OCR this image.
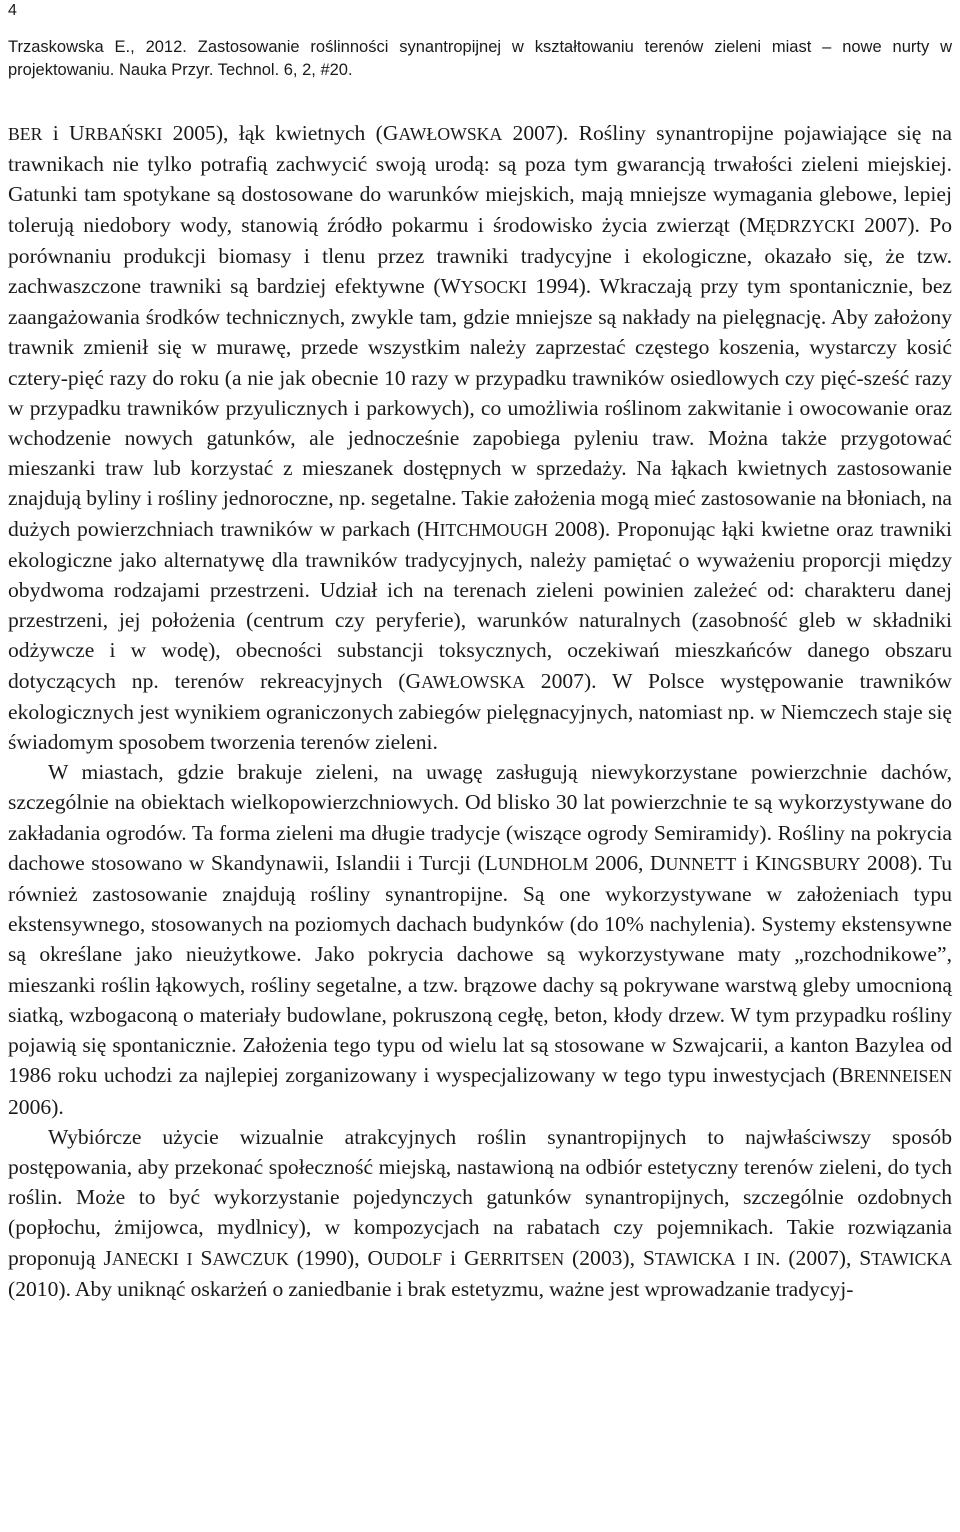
4
Trzaskowska E., 2012. Zastosowanie roślinności synantropijnej w kształtowaniu terenów zieleni miast – nowe nurty w projektowaniu. Nauka Przyr. Technol. 6, 2, #20.

BER i URBAŃSKI 2005), łąk kwietnych (GAWŁOWSKA 2007). Rośliny synantropijne pojawiające się na trawnikach nie tylko potrafią zachwycić swoją urodą: są poza tym gwarancją trwałości zieleni miejskiej. Gatunki tam spotykane są dostosowane do warunków miejskich, mają mniejsze wymagania glebowe, lepiej tolerują niedobory wody, stanowią źródło pokarmu i środowisko życia zwierząt (MĘDRZYCKI 2007). Po porównaniu produkcji biomasy i tlenu przez trawniki tradycyjne i ekologiczne, okazało się, że tzw. zachwaszczone trawniki są bardziej efektywne (WYSOCKI 1994). Wkraczają przy tym spontanicznie, bez zaangażowania środków technicznych, zwykle tam, gdzie mniejsze są nakłady na pielęgnację. Aby założony trawnik zmienił się w murawę, przede wszystkim należy zaprzestać częstego koszenia, wystarczy kosić cztery-pięć razy do roku (a nie jak obecnie 10 razy w przypadku trawników osiedlowych czy pięć-sześć razy w przypadku trawników przyulicznych i parkowych), co umożliwia roślinom zakwitanie i owocowanie oraz wchodzenie nowych gatunków, ale jednocześnie zapobiega pyleniu traw. Można także przygotować mieszanki traw lub korzystać z mieszanek dostępnych w sprzedaży. Na łąkach kwietnych zastosowanie znajdują byliny i rośliny jednoroczne, np. segetalne. Takie założenia mogą mieć zastosowanie na błoniach, na dużych powierzchniach trawników w parkach (HITCHMOUGH 2008). Proponując łąki kwietne oraz trawniki ekologiczne jako alternatywę dla trawników tradycyjnych, należy pamiętać o wyważeniu proporcji między obydwoma rodzajami przestrzeni. Udział ich na terenach zieleni powinien zależeć od: charakteru danej przestrzeni, jej położenia (centrum czy peryferie), warunków naturalnych (zasobność gleb w składniki odżywcze i w wodę), obecności substancji toksycznych, oczekiwań mieszkańców danego obszaru dotyczących np. terenów rekreacyjnych (GAWŁOWSKA 2007). W Polsce występowanie trawników ekologicznych jest wynikiem ograniczonych zabiegów pielęgnacyjnych, natomiast np. w Niemczech staje się świadomym sposobem tworzenia terenów zieleni.

W miastach, gdzie brakuje zieleni, na uwagę zasługują niewykorzystane powierzchnie dachów, szczególnie na obiektach wielkopowierzchniowych. Od blisko 30 lat powierzchnie te są wykorzystywane do zakładania ogrodów. Ta forma zieleni ma długie tradycje (wiszące ogrody Semiramidy). Rośliny na pokrycia dachowe stosowano w Skandynawii, Islandii i Turcji (LUNDHOLM 2006, DUNNETT i KINGSBURY 2008). Tu również zastosowanie znajdują rośliny synantropijne. Są one wykorzystywane w założeniach typu ekstensywnego, stosowanych na poziomych dachach budynków (do 10% nachylenia). Systemy ekstensywne są określane jako nieużytkowe. Jako pokrycia dachowe są wykorzystywane maty „rozchodnikowe”, mieszanki roślin łąkowych, rośliny segetalne, a tzw. brązowe dachy są pokrywane warstwą gleby umocnioną siatką, wzbogaconą o materiały budowlane, pokruszoną cegłę, beton, kłody drzew. W tym przypadku rośliny pojawią się spontanicznie. Założenia tego typu od wielu lat są stosowane w Szwajcarii, a kanton Bazylea od 1986 roku uchodzi za najlepiej zorganizowany i wyspecjalizowany w tego typu inwestycjach (BRENNEISEN 2006).

Wybiórcze użycie wizualnie atrakcyjnych roślin synantropijnych to najwłaściwszy sposób postępowania, aby przekonać społeczność miejską, nastawioną na odbiór estetyczny terenów zieleni, do tych roślin. Może to być wykorzystanie pojedynczych gatunków synantropijnych, szczególnie ozdobnych (popłochu, żmijowca, mydlnicy), w kompozycjach na rabatach czy pojemnikach. Takie rozwiązania proponują JANECKI I SAWCZUK (1990), OUDOLF i GERRITSEN (2003), STAWICKA I IN. (2007), STAWICKA (2010). Aby uniknąć oskarżeń o zaniedbanie i brak estetyzmu, ważne jest wprowadzanie tradycyj-
